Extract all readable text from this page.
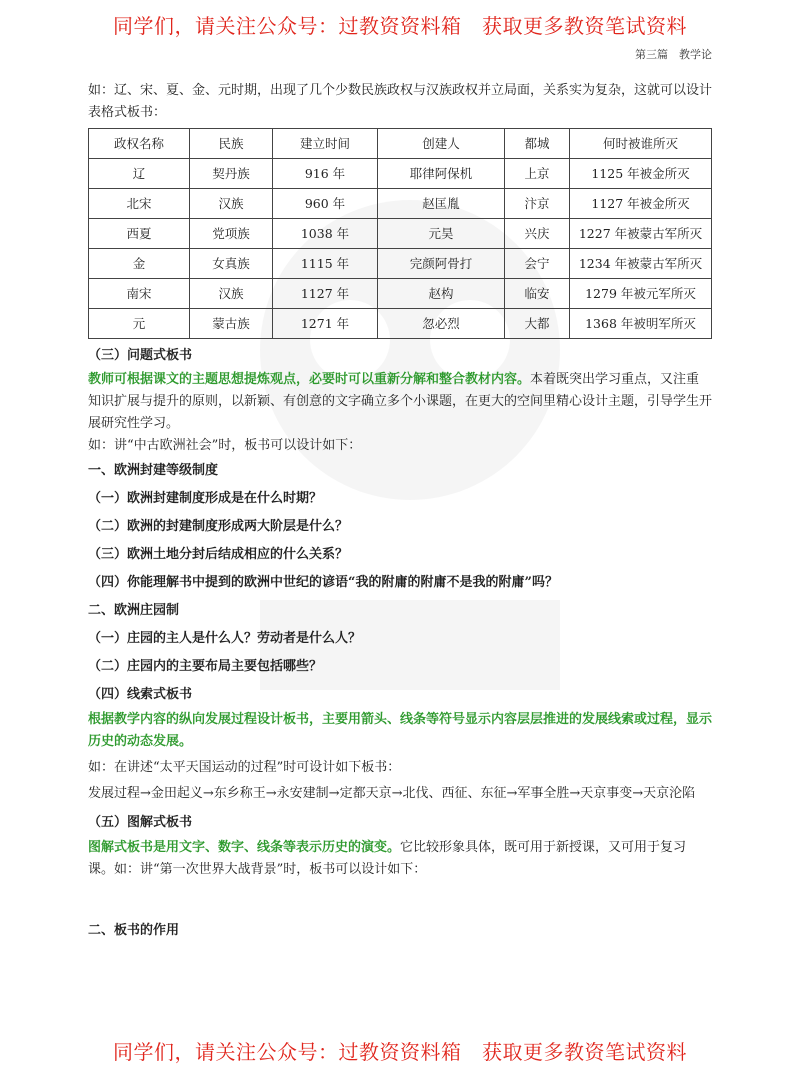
同学们，请关注公众号：过教资资料箱　获取更多教资笔试资料
第三篇　教学论

如：辽、宋、夏、金、元时期，出现了几个少数民族政权与汉族政权并立局面，关系实为复杂，这就可以设计表格式板书：

政权名称	民族	建立时间	创建人	都城	何时被谁所灭
辽	契丹族	916 年	耶律阿保机	上京	1125 年被金所灭
北宋	汉族	960 年	赵匡胤	汴京	1127 年被金所灭
西夏	党项族	1038 年	元昊	兴庆	1227 年被蒙古军所灭
金	女真族	1115 年	完颜阿骨打	会宁	1234 年被蒙古军所灭
南宋	汉族	1127 年	赵构	临安	1279 年被元军所灭
元	蒙古族	1271 年	忽必烈	大都	1368 年被明军所灭

（三）问题式板书

教师可根据课文的主题思想提炼观点，必要时可以重新分解和整合教材内容。本着既突出学习重点，又注重知识扩展与提升的原则，以新颖、有创意的文字确立多个小课题，在更大的空间里精心设计主题，引导学生开展研究性学习。

如：讲“中古欧洲社会”时，板书可以设计如下：

一、欧洲封建等级制度

（一）欧洲封建制度形成是在什么时期？

（二）欧洲的封建制度形成两大阶层是什么？

（三）欧洲土地分封后结成相应的什么关系？

（四）你能理解书中提到的欧洲中世纪的谚语“我的附庸的附庸不是我的附庸”吗？

二、欧洲庄园制

（一）庄园的主人是什么人？劳动者是什么人？

（二）庄园内的主要布局主要包括哪些？

（四）线索式板书

根据教学内容的纵向发展过程设计板书，主要用箭头、线条等符号显示内容层层推进的发展线索或过程，显示历史的动态发展。

如：在讲述“太平天国运动的过程”时可设计如下板书：

发展过程→金田起义→东乡称王→永安建制→定都天京→北伐、西征、东征→军事全胜→天京事变→天京沦陷

（五）图解式板书

图解式板书是用文字、数字、线条等表示历史的演变。它比较形象具体，既可用于新授课，又可用于复习课。如：讲“第一次世界大战背景”时，板书可以设计如下：

二、板书的作用

同学们，请关注公众号：过教资资料箱　获取更多教资笔试资料
